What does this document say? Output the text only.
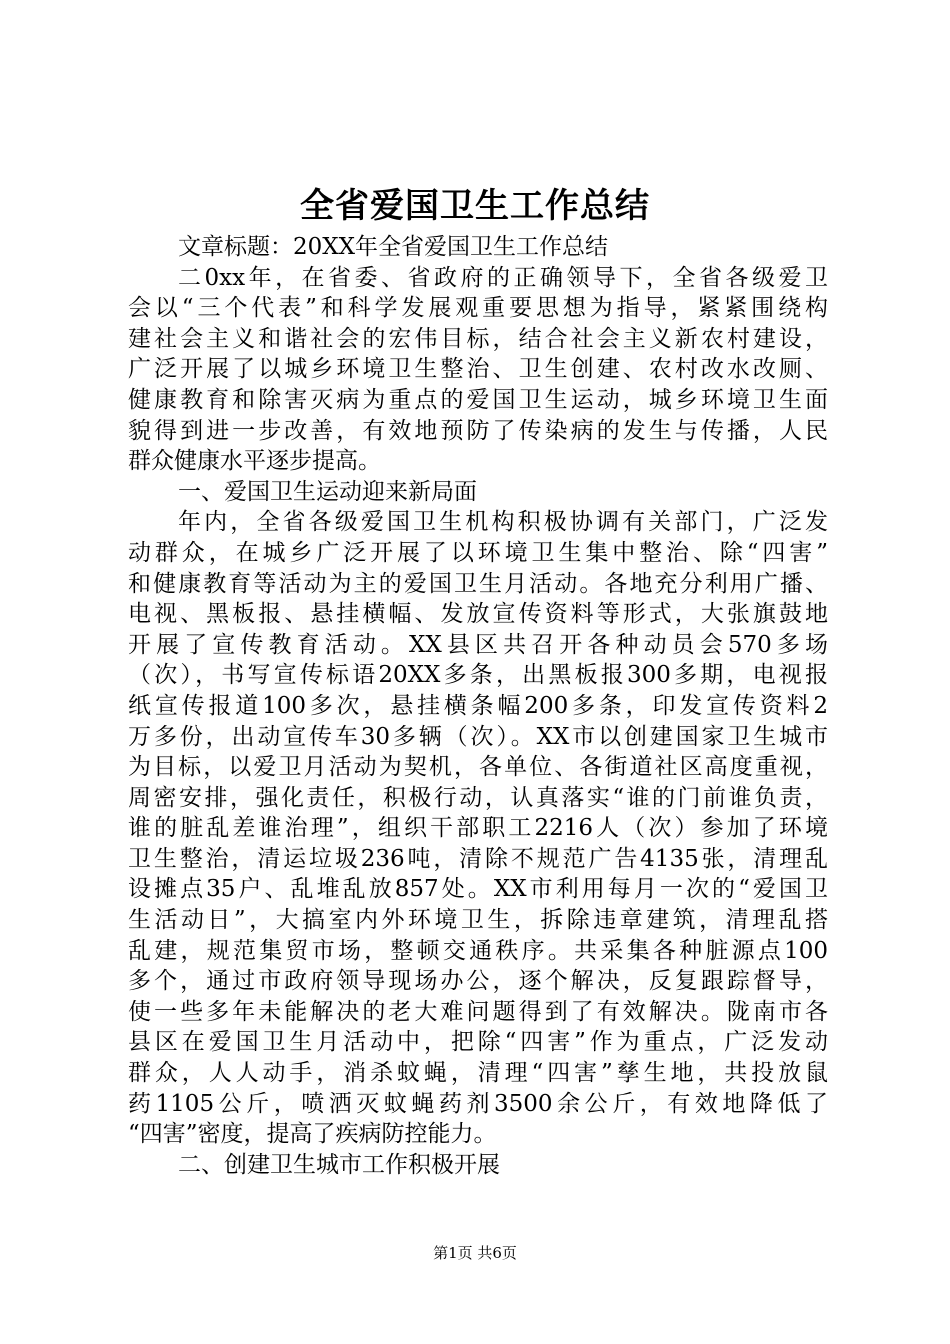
全省爱国卫生工作总结
文章标题：20XX年全省爱国卫生工作总结
二0xx年，在省委、省政府的正确领导下，全省各级爱卫
会以“三个代表”和科学发展观重要思想为指导，紧紧围绕构
建社会主义和谐社会的宏伟目标，结合社会主义新农村建设，
广泛开展了以城乡环境卫生整治、卫生创建、农村改水改厕、
健康教育和除害灭病为重点的爱国卫生运动，城乡环境卫生面
貌得到进一步改善，有效地预防了传染病的发生与传播，人民
群众健康水平逐步提高。
一、爱国卫生运动迎来新局面
年内，全省各级爱国卫生机构积极协调有关部门，广泛发
动群众，在城乡广泛开展了以环境卫生集中整治、除“四害”
和健康教育等活动为主的爱国卫生月活动。各地充分利用广播、
电视、黑板报、悬挂横幅、发放宣传资料等形式，大张旗鼓地
开展了宣传教育活动。XX县区共召开各种动员会570多场
（次），书写宣传标语20XX多条，出黑板报300多期，电视报
纸宣传报道100多次，悬挂横条幅200多条，印发宣传资料2
万多份，出动宣传车30多辆（次）。XX市以创建国家卫生城市
为目标，以爱卫月活动为契机，各单位、各街道社区高度重视，
周密安排，强化责任，积极行动，认真落实“谁的门前谁负责，
谁的脏乱差谁治理”，组织干部职工2216人（次）参加了环境
卫生整治，清运垃圾236吨，清除不规范广告4135张，清理乱
设摊点35户、乱堆乱放857处。XX市利用每月一次的“爱国卫
生活动日”，大搞室内外环境卫生，拆除违章建筑，清理乱搭
乱建，规范集贸市场，整顿交通秩序。共采集各种脏源点100
多个，通过市政府领导现场办公，逐个解决，反复跟踪督导，
使一些多年未能解决的老大难问题得到了有效解决。陇南市各
县区在爱国卫生月活动中，把除“四害”作为重点，广泛发动
群众，人人动手，消杀蚊蝇，清理“四害”孳生地，共投放鼠
药1105公斤，喷洒灭蚊蝇药剂3500余公斤，有效地降低了
“四害”密度，提高了疾病防控能力。
二、创建卫生城市工作积极开展
第1页 共6页
